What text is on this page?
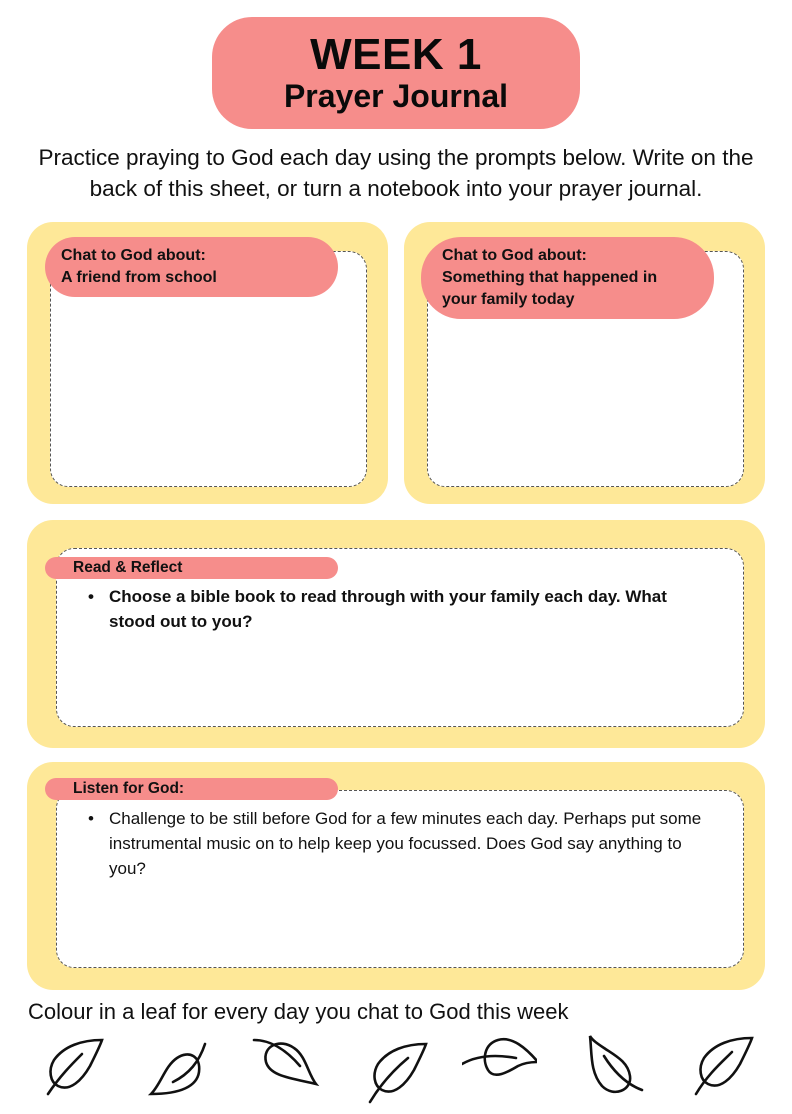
WEEK 1
Prayer Journal

Practice praying to God each day using the prompts below. Write on the back of this sheet, or turn a notebook into your prayer journal.

Chat to God about:
A friend from school
Chat to God about:
Something that happened in your family today
Read & Reflect
• Choose a bible book to read through with your family each day. What stood out to you?
Listen for God:
• Challenge to be still before God for a few minutes each day. Perhaps put some instrumental music on to help keep you focussed. Does God say anything to you?
Colour in a leaf for every day you chat to God this week
